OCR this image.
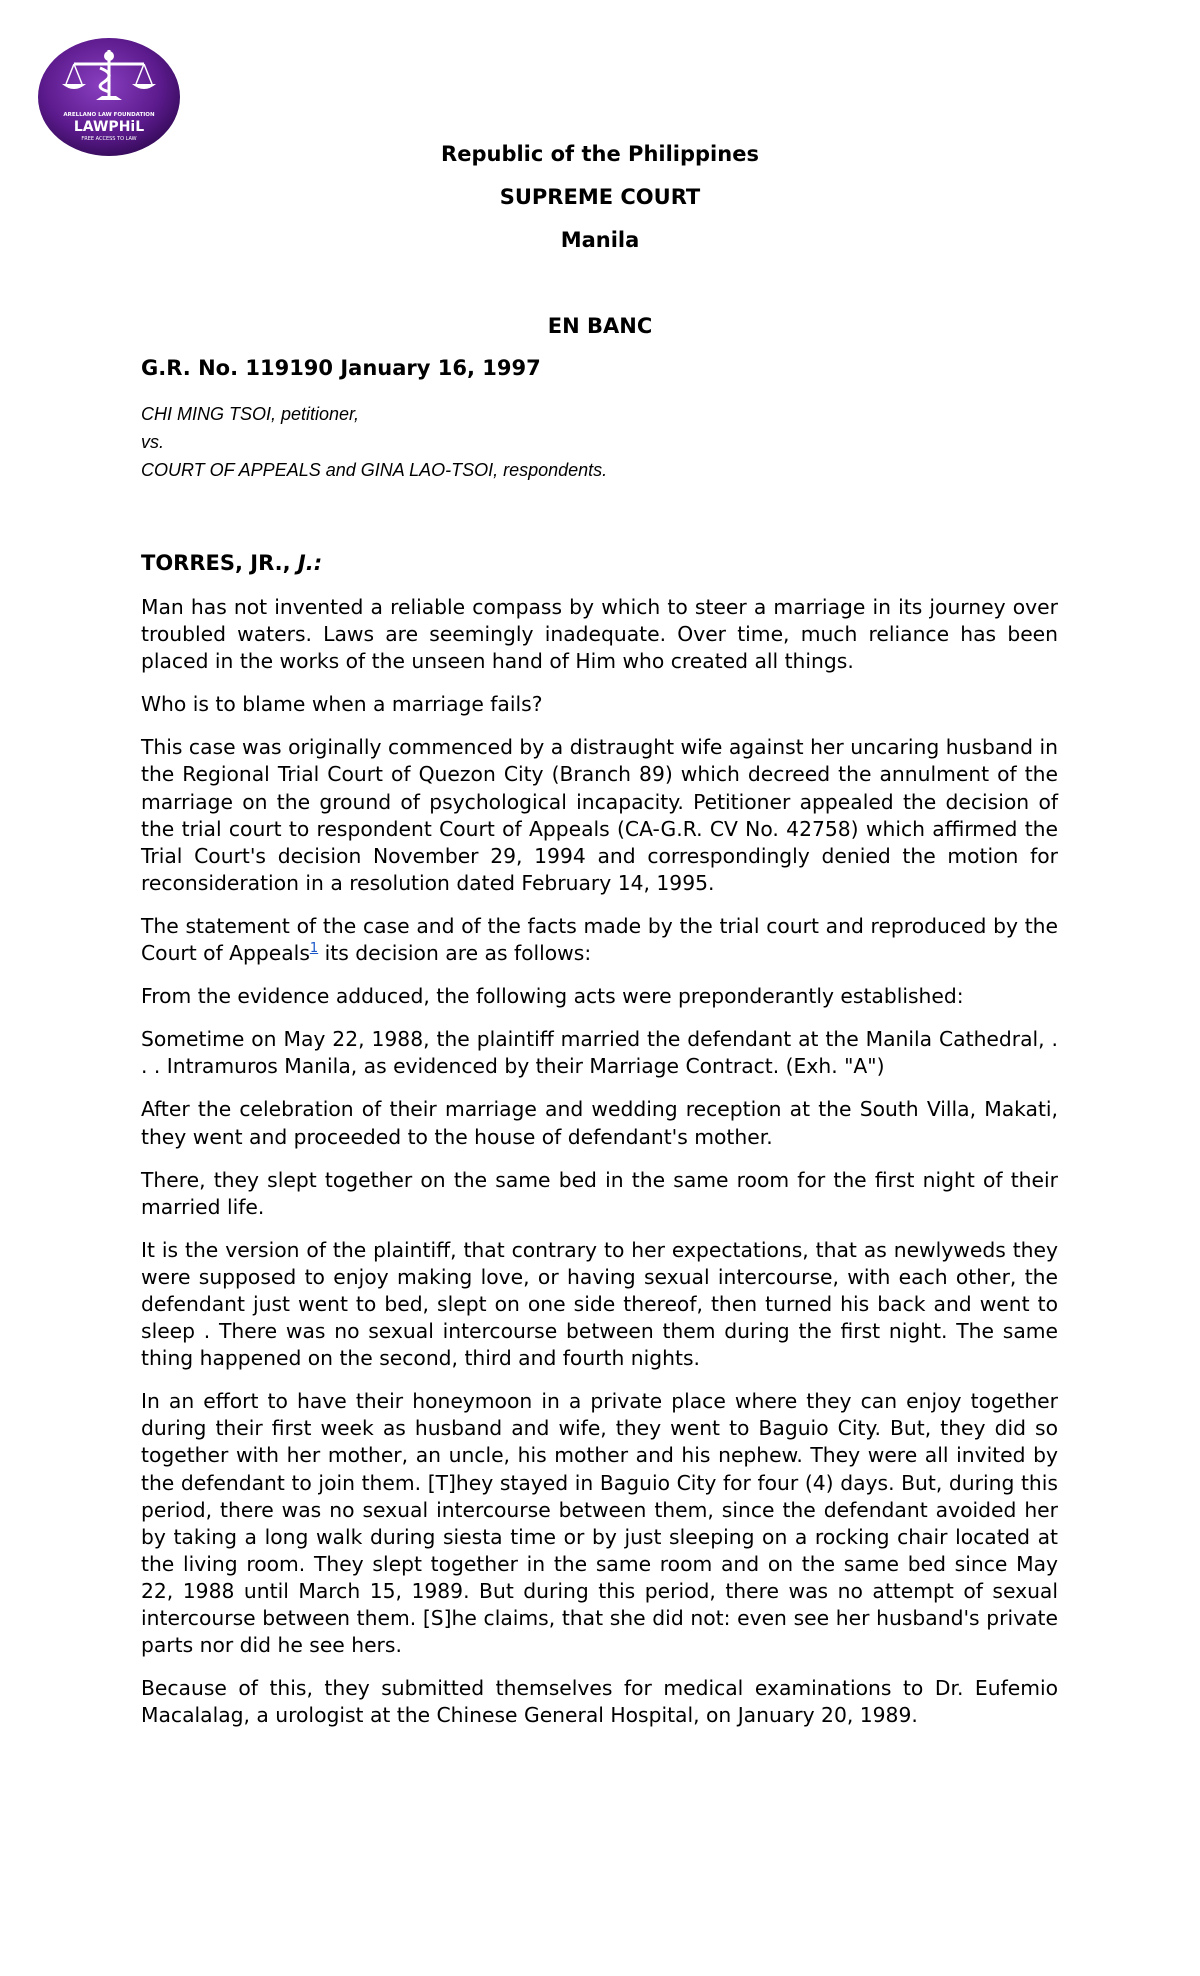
ARELLANO LAW FOUNDATION
LAWPHiL
FREE ACCESS TO LAW
Republic of the Philippines
SUPREME COURT
Manila
EN BANC

G.R. No. 119190 January 16, 1997

CHI MING TSOI, petitioner,
vs.
COURT OF APPEALS and GINA LAO-TSOI, respondents.
TORRES, JR., J.:

Man has not invented a reliable compass by which to steer a marriage in its journey over troubled waters. Laws are seemingly inadequate. Over time, much reliance has been placed in the works of the unseen hand of Him who created all things.

Who is to blame when a marriage fails?

This case was originally commenced by a distraught wife against her uncaring husband in the Regional Trial Court of Quezon City (Branch 89) which decreed the annulment of the marriage on the ground of psychological incapacity. Petitioner appealed the decision of the trial court to respondent Court of Appeals (CA-G.R. CV No. 42758) which affirmed the Trial Court's decision November 29, 1994 and correspondingly denied the motion for reconsideration in a resolution dated February 14, 1995.

The statement of the case and of the facts made by the trial court and reproduced by the Court of Appeals$^1$ its decision are as follows:

From the evidence adduced, the following acts were preponderantly established:

Sometime on May 22, 1988, the plaintiff married the defendant at the Manila Cathedral, . . . Intramuros Manila, as evidenced by their Marriage Contract. (Exh. "A")

After the celebration of their marriage and wedding reception at the South Villa, Makati, they went and proceeded to the house of defendant's mother.

There, they slept together on the same bed in the same room for the first night of their married life.

It is the version of the plaintiff, that contrary to her expectations, that as newlyweds they were supposed to enjoy making love, or having sexual intercourse, with each other, the defendant just went to bed, slept on one side thereof, then turned his back and went to sleep . There was no sexual intercourse between them during the first night. The same thing happened on the second, third and fourth nights.

In an effort to have their honeymoon in a private place where they can enjoy together during their first week as husband and wife, they went to Baguio City. But, they did so together with her mother, an uncle, his mother and his nephew. They were all invited by the defendant to join them. [T]hey stayed in Baguio City for four (4) days. But, during this period, there was no sexual intercourse between them, since the defendant avoided her by taking a long walk during siesta time or by just sleeping on a rocking chair located at the living room. They slept together in the same room and on the same bed since May 22, 1988 until March 15, 1989. But during this period, there was no attempt of sexual intercourse between them. [S]he claims, that she did not: even see her husband's private parts nor did he see hers.

Because of this, they submitted themselves for medical examinations to Dr. Eufemio Macalalag, a urologist at the Chinese General Hospital, on January 20, 1989.
